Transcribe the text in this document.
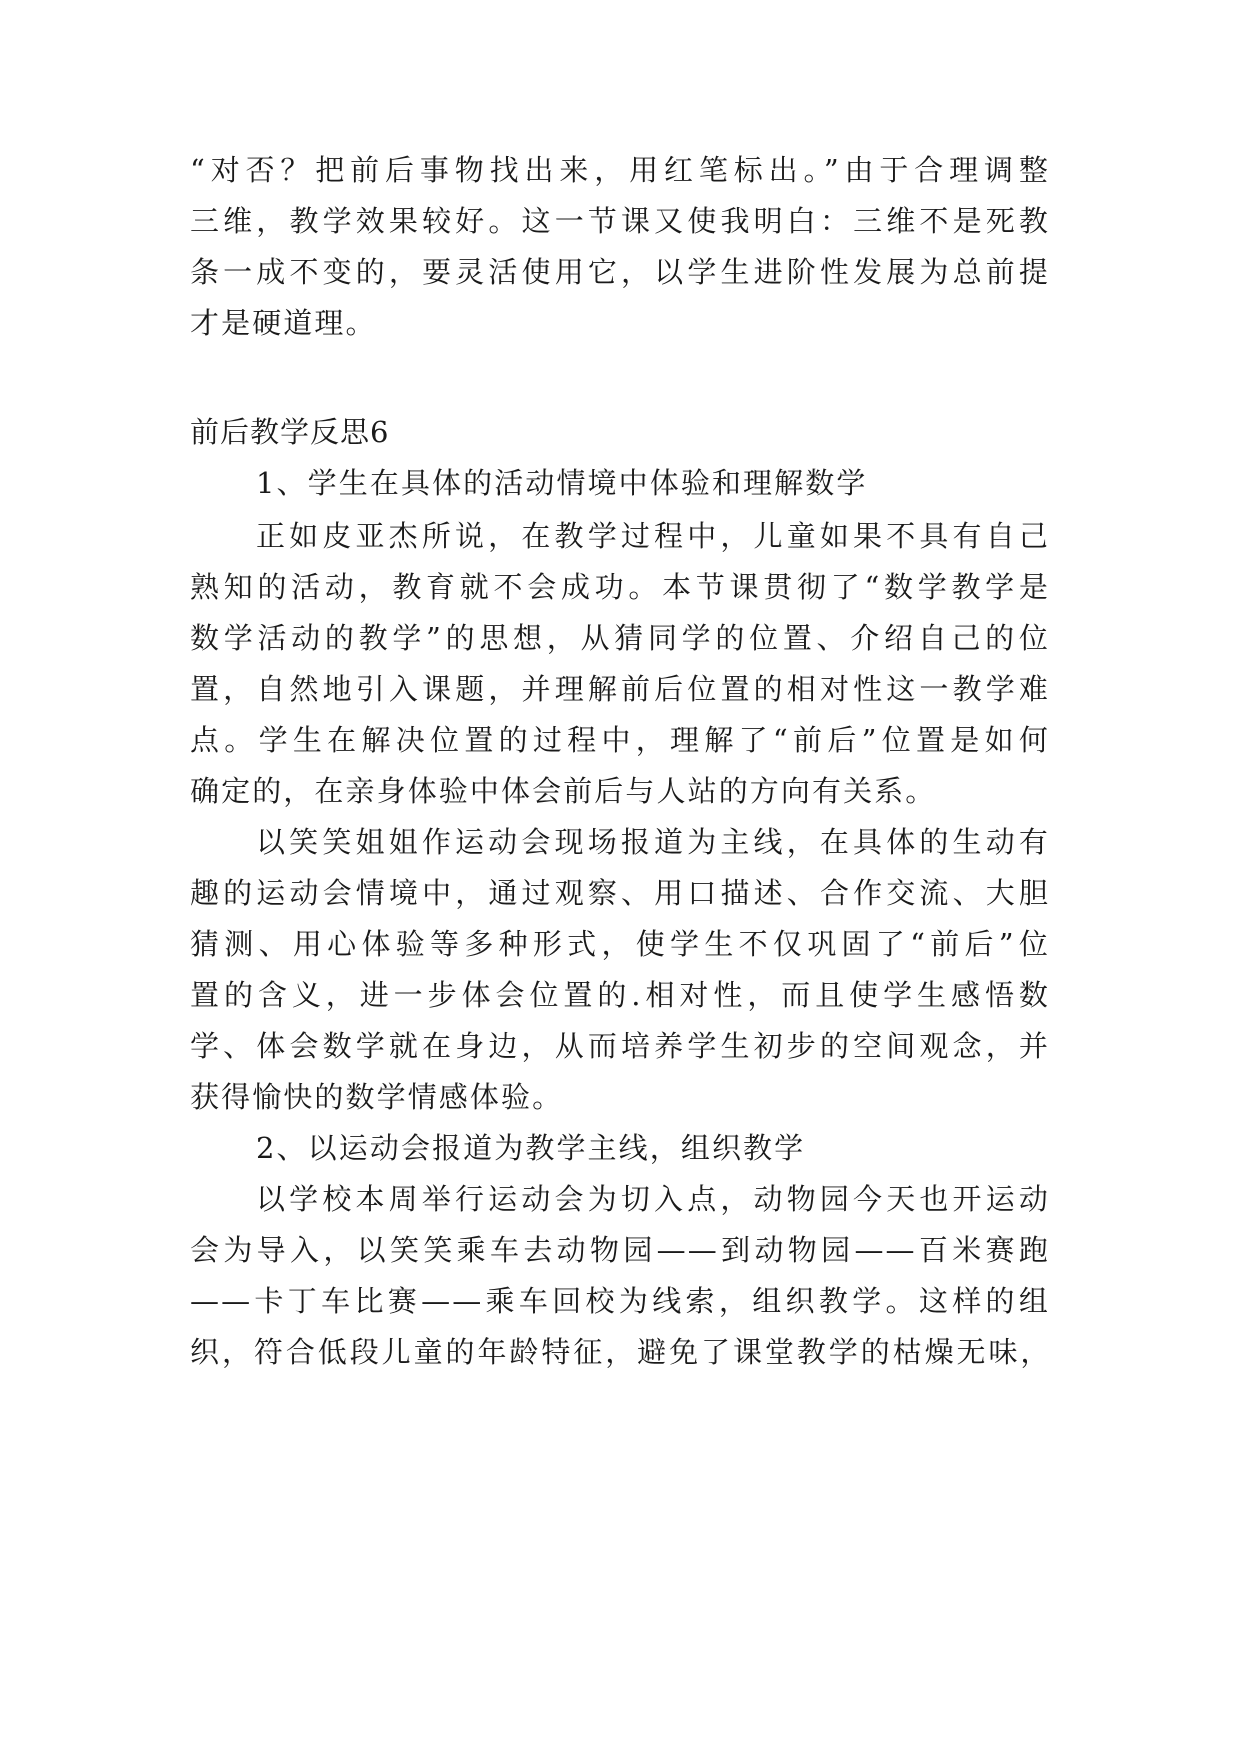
“对否？把前后事物找出来，用红笔标出。”由于合理调整
三维，教学效果较好。这一节课又使我明白：三维不是死教
条一成不变的，要灵活使用它，以学生进阶性发展为总前提
才是硬道理。
前后教学反思6
1、学生在具体的活动情境中体验和理解数学
正如皮亚杰所说，在教学过程中，儿童如果不具有自己
熟知的活动，教育就不会成功。本节课贯彻了“数学教学是
数学活动的教学”的思想，从猜同学的位置、介绍自己的位
置，自然地引入课题，并理解前后位置的相对性这一教学难
点。学生在解决位置的过程中，理解了“前后”位置是如何
确定的，在亲身体验中体会前后与人站的方向有关系。
以笑笑姐姐作运动会现场报道为主线，在具体的生动有
趣的运动会情境中，通过观察、用口描述、合作交流、大胆
猜测、用心体验等多种形式，使学生不仅巩固了“前后”位
置的含义，进一步体会位置的.相对性，而且使学生感悟数
学、体会数学就在身边，从而培养学生初步的空间观念，并
获得愉快的数学情感体验。
2、以运动会报道为教学主线，组织教学
以学校本周举行运动会为切入点，动物园今天也开运动
会为导入，以笑笑乘车去动物园——到动物园——百米赛跑
——卡丁车比赛——乘车回校为线索，组织教学。这样的组
织，符合低段儿童的年龄特征，避免了课堂教学的枯燥无味，
